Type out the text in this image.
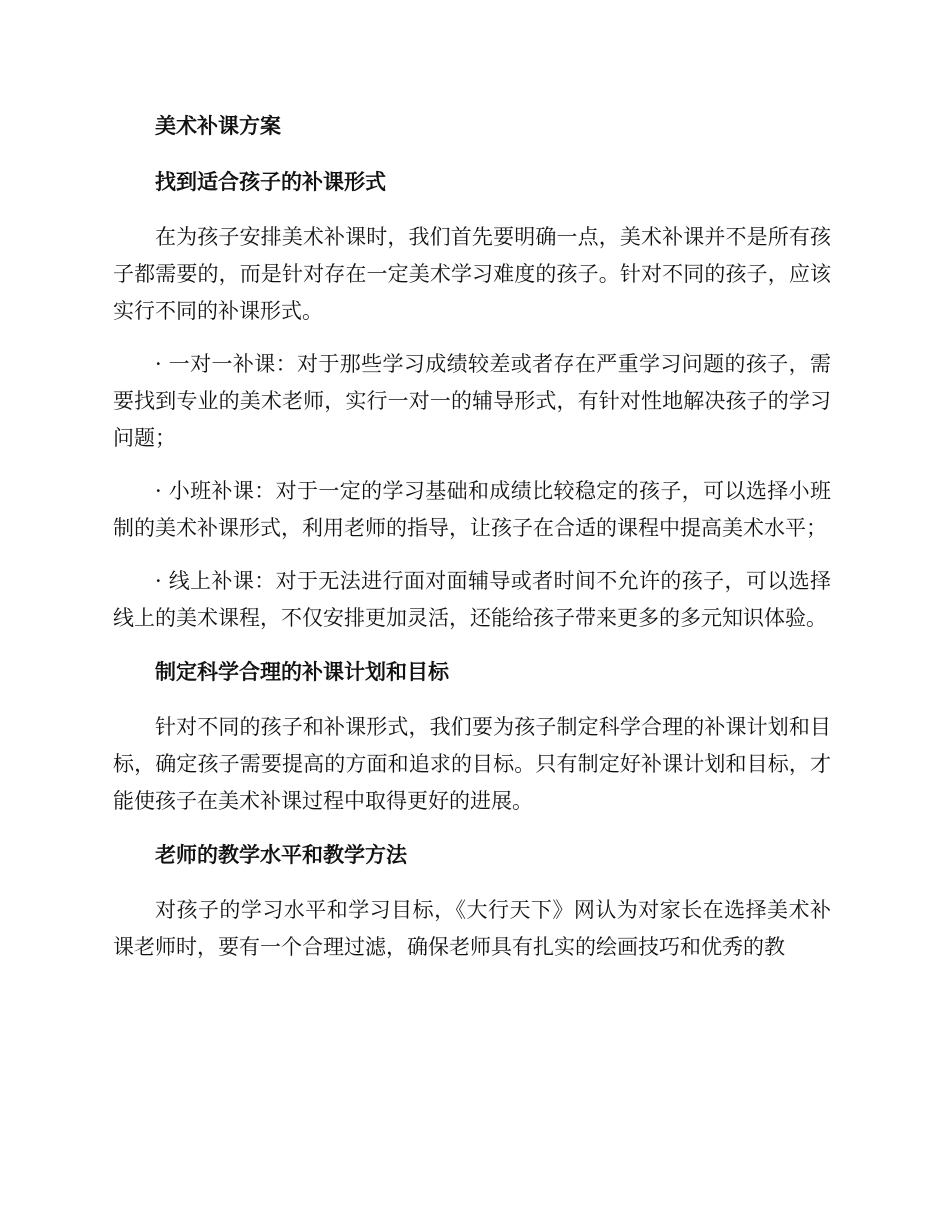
美术补课方案
找到适合孩子的补课形式

在为孩子安排美术补课时，我们首先要明确一点，美术补课并不是所有孩子都需要的，而是针对存在一定美术学习难度的孩子。针对不同的孩子，应该实行不同的补课形式。

· 一对一补课：对于那些学习成绩较差或者存在严重学习问题的孩子，需要找到专业的美术老师，实行一对一的辅导形式，有针对性地解决孩子的学习问题；

· 小班补课：对于一定的学习基础和成绩比较稳定的孩子，可以选择小班制的美术补课形式，利用老师的指导，让孩子在合适的课程中提高美术水平；

· 线上补课：对于无法进行面对面辅导或者时间不允许的孩子，可以选择线上的美术课程，不仅安排更加灵活，还能给孩子带来更多的多元知识体验。

制定科学合理的补课计划和目标

针对不同的孩子和补课形式，我们要为孩子制定科学合理的补课计划和目标，确定孩子需要提高的方面和追求的目标。只有制定好补课计划和目标，才能使孩子在美术补课过程中取得更好的进展。

老师的教学水平和教学方法

对孩子的学习水平和学习目标，《大行天下》网认为对家长在选择美术补课老师时，要有一个合理过滤，确保老师具有扎实的绘画技巧和优秀的教
